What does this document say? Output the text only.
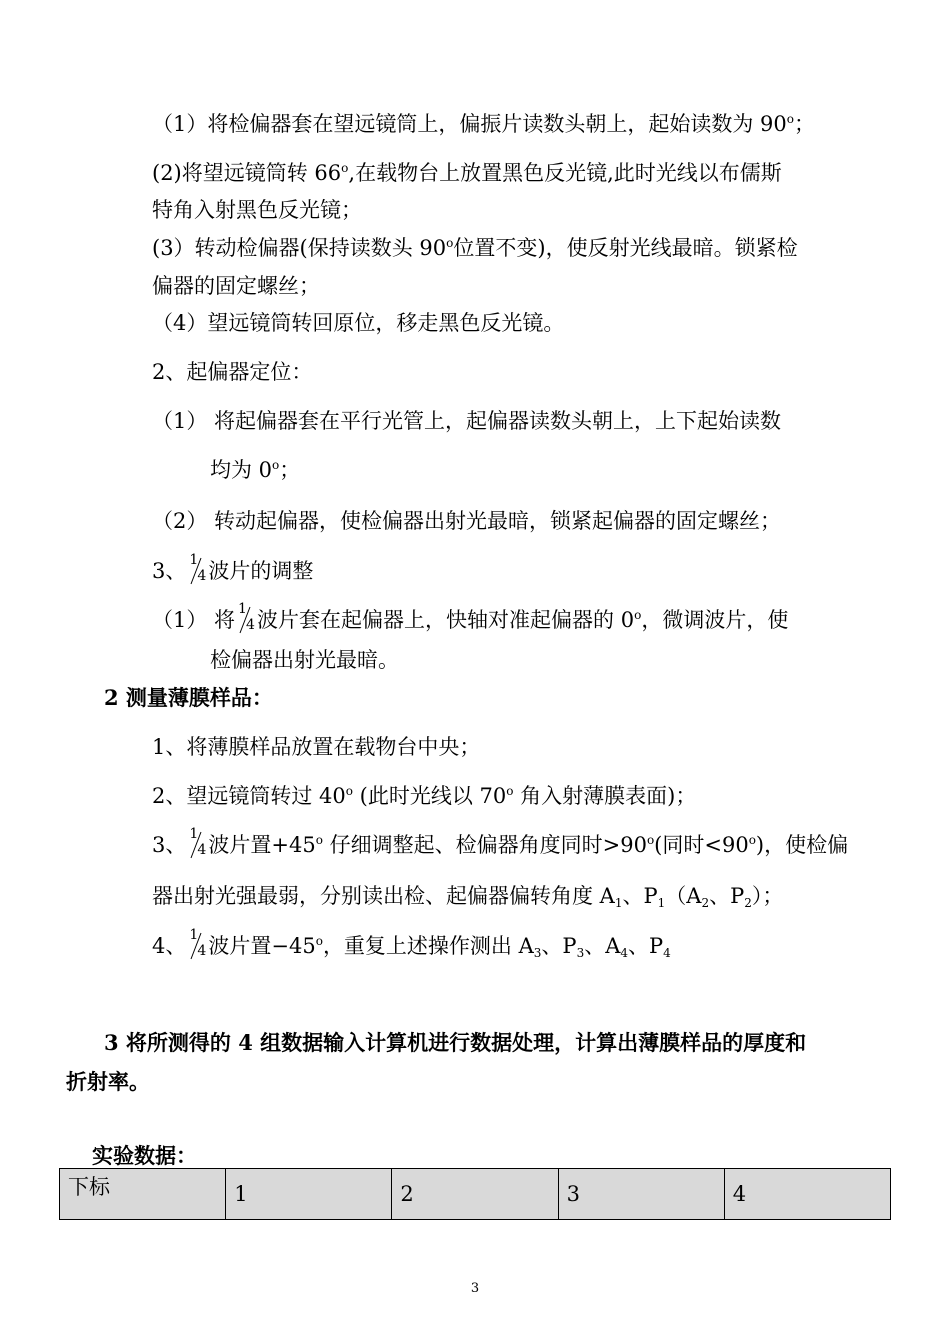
（1）将检偏器套在望远镜筒上，偏振片读数头朝上，起始读数为 90$^o$；
(2)将望远镜筒转 66$^o$,在载物台上放置黑色反光镜,此时光线以布儒斯
特角入射黑色反光镜；
(3）转动检偏器(保持读数头 90$^o$位置不变)，使反射光线最暗。锁紧检
偏器的固定螺丝；
（4）望远镜筒转回原位，移走黑色反光镜。
2、起偏器定位：
（1） 将起偏器套在平行光管上，起偏器读数头朝上，上下起始读数
均为 0$^o$；
（2） 转动起偏器，使检偏器出射光最暗，锁紧起偏器的固定螺丝；
3、 1
4 波片的调整
（1） 将 1
4 波片套在起偏器上，快轴对准起偏器的 0$^o$，微调波片，使
检偏器出射光最暗。
2 测量薄膜样品：
1、将薄膜样品放置在载物台中央；
2、望远镜筒转过 40$^o$ (此时光线以 70$^o$ 角入射薄膜表面)；
3、 1
4 波片置$+45^o$ 仔细调整起、检偏器角度同时$>90^o$(同时$<90^o$)，使检偏
器出射光强最弱，分别读出检、起偏器偏转角度 $A_1$、$P_1(A_2$、$P_2$）；
4、 1
4 波片置$-45^o$，重复上述操作测出 $A_3$、$P_3$、$A_4$、$P_4$
3 将所测得的 4 组数据输入计算机进行数据处理，计算出薄膜样品的厚度和
折射率。
实验数据：
下标	1	2	3	4
3
